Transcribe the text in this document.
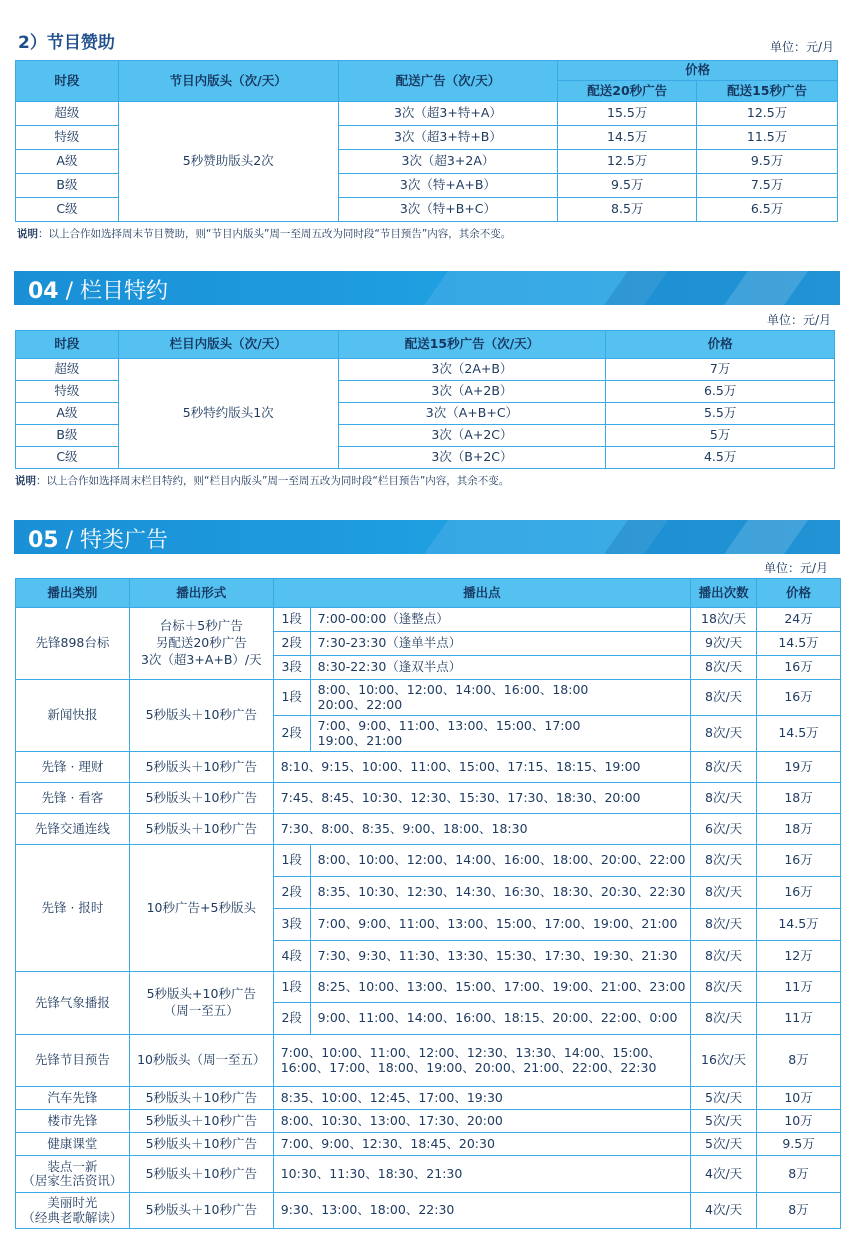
2）节目赞助	单位：元/月
时段	节目内版头（次/天）	配送广告（次/天）	价格	
			配送20秒广告	配送15秒广告
超级	5秒赞助版头2次	3次（超3+特+A）	15.5万	12.5万
特级		3次（超3+特+B）	14.5万	11.5万
A级		3次（超3+2A）	12.5万	9.5万
B级		3次（特+A+B）	9.5万	7.5万
C级		3次（特+B+C）	8.5万	6.5万
说明：以上合作如选择周末节目赞助，则“节目内版头”周一至周五改为同时段“节目预告”内容，其余不变。
04 / 栏目特约
单位：元/月
时段	栏目内版头（次/天）	配送15秒广告（次/天）	价格
超级	5秒特约版头1次	3次（2A+B）	7万
特级		3次（A+2B）	6.5万
A级		3次（A+B+C）	5.5万
B级		3次（A+2C）	5万
C级		3次（B+2C）	4.5万
说明：以上合作如选择周末栏目特约，则“栏目内版头”周一至周五改为同时段“栏目预告”内容，其余不变。
05 / 特类广告
单位：元/月
播出类别	播出形式	播出点		播出次数	价格
先锋898台标	台标＋5秒广告
另配送20秒广告
3次（超3+A+B）/天	1段	7:00-00:00（逢整点）	18次/天	24万
		2段	7:30-23:30（逢单半点）	9次/天	14.5万
		3段	8:30-22:30（逢双半点）	8次/天	16万
新闻快报	5秒版头＋10秒广告	1段	8:00、10:00、12:00、14:00、16:00、18:00
20:00、22:00	8次/天	16万
		2段	7:00、9:00、11:00、13:00、15:00、17:00
19:00、21:00	8次/天	14.5万
先锋 · 理财	5秒版头＋10秒广告	8:10、9:15、10:00、11:00、15:00、17:15、18:15、19:00		8次/天	19万
先锋 · 看客	5秒版头＋10秒广告	7:45、8:45、10:30、12:30、15:30、17:30、18:30、20:00		8次/天	18万
先锋交通连线	5秒版头＋10秒广告	7:30、8:00、8:35、9:00、18:00、18:30		6次/天	18万
先锋 · 报时	10秒广告+5秒版头	1段	8:00、10:00、12:00、14:00、16:00、18:00、20:00、22:00	8次/天	16万
		2段	8:35、10:30、12:30、14:30、16:30、18:30、20:30、22:30	8次/天	16万
		3段	7:00、9:00、11:00、13:00、15:00、17:00、19:00、21:00	8次/天	14.5万
		4段	7:30、9:30、11:30、13:30、15:30、17:30、19:30、21:30	8次/天	12万
先锋气象播报	5秒版头+10秒广告
（周一至五）	1段	8:25、10:00、13:00、15:00、17:00、19:00、21:00、23:00	8次/天	11万
		2段	9:00、11:00、14:00、16:00、18:15、20:00、22:00、0:00	8次/天	11万
先锋节目预告	10秒版头（周一至五）	7:00、10:00、11:00、12:00、12:30、13:30、14:00、15:00、
16:00、17:00、18:00、19:00、20:00、21:00、22:00、22:30		16次/天	8万
汽车先锋	5秒版头＋10秒广告	8:35、10:00、12:45、17:00、19:30		5次/天	10万
楼市先锋	5秒版头＋10秒广告	8:00、10:30、13:00、17:30、20:00		5次/天	10万
健康课堂	5秒版头＋10秒广告	7:00、9:00、12:30、18:45、20:30		5次/天	9.5万

装点一新
（居家生活资讯）	5秒版头＋10秒广告	10:30、11:30、18:30、21:30		4次/天	8万

美丽时光
（经典老歌解读）	5秒版头＋10秒广告	9:30、13:00、18:00、22:30		4次/天	8万
